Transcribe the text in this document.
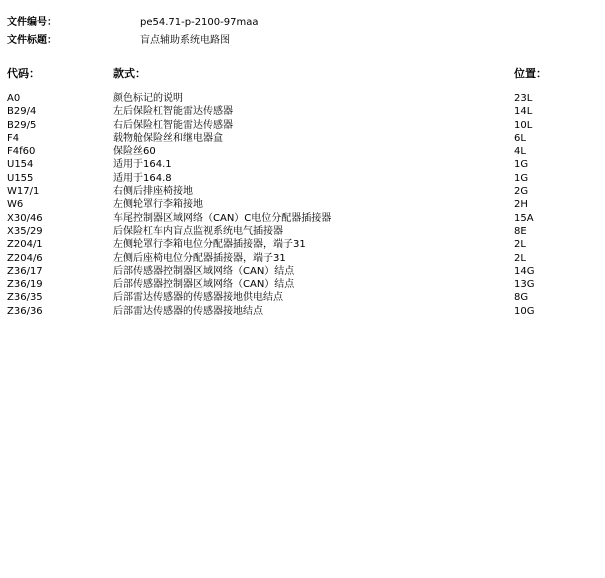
文件编号：	pe54.71-p-2100-97maa
文件标题：	盲点辅助系统电路图
代码：	款式：	位置：
A0	颜色标记的说明	23L
B29/4	左后保险杠智能雷达传感器	14L
B29/5	右后保险杠智能雷达传感器	10L
F4	载物舱保险丝和继电器盒	6L
F4f60	保险丝60	4L
U154	适用于164.1	1G
U155	适用于164.8	1G
W17/1	右侧后排座椅接地	2G
W6	左侧轮罩行李箱接地	2H
X30/46	车尾控制器区域网络（CAN）C电位分配器插接器	15A
X35/29	后保险杠车内盲点监视系统电气插接器	8E
Z204/1	左侧轮罩行李箱电位分配器插接器，端子31	2L
Z204/6	左侧后座椅电位分配器插接器，端子31	2L
Z36/17	后部传感器控制器区域网络（CAN）结点	14G
Z36/19	后部传感器控制器区域网络（CAN）结点	13G
Z36/35	后部雷达传感器的传感器接地供电结点	8G
Z36/36	后部雷达传感器的传感器接地结点	10G
